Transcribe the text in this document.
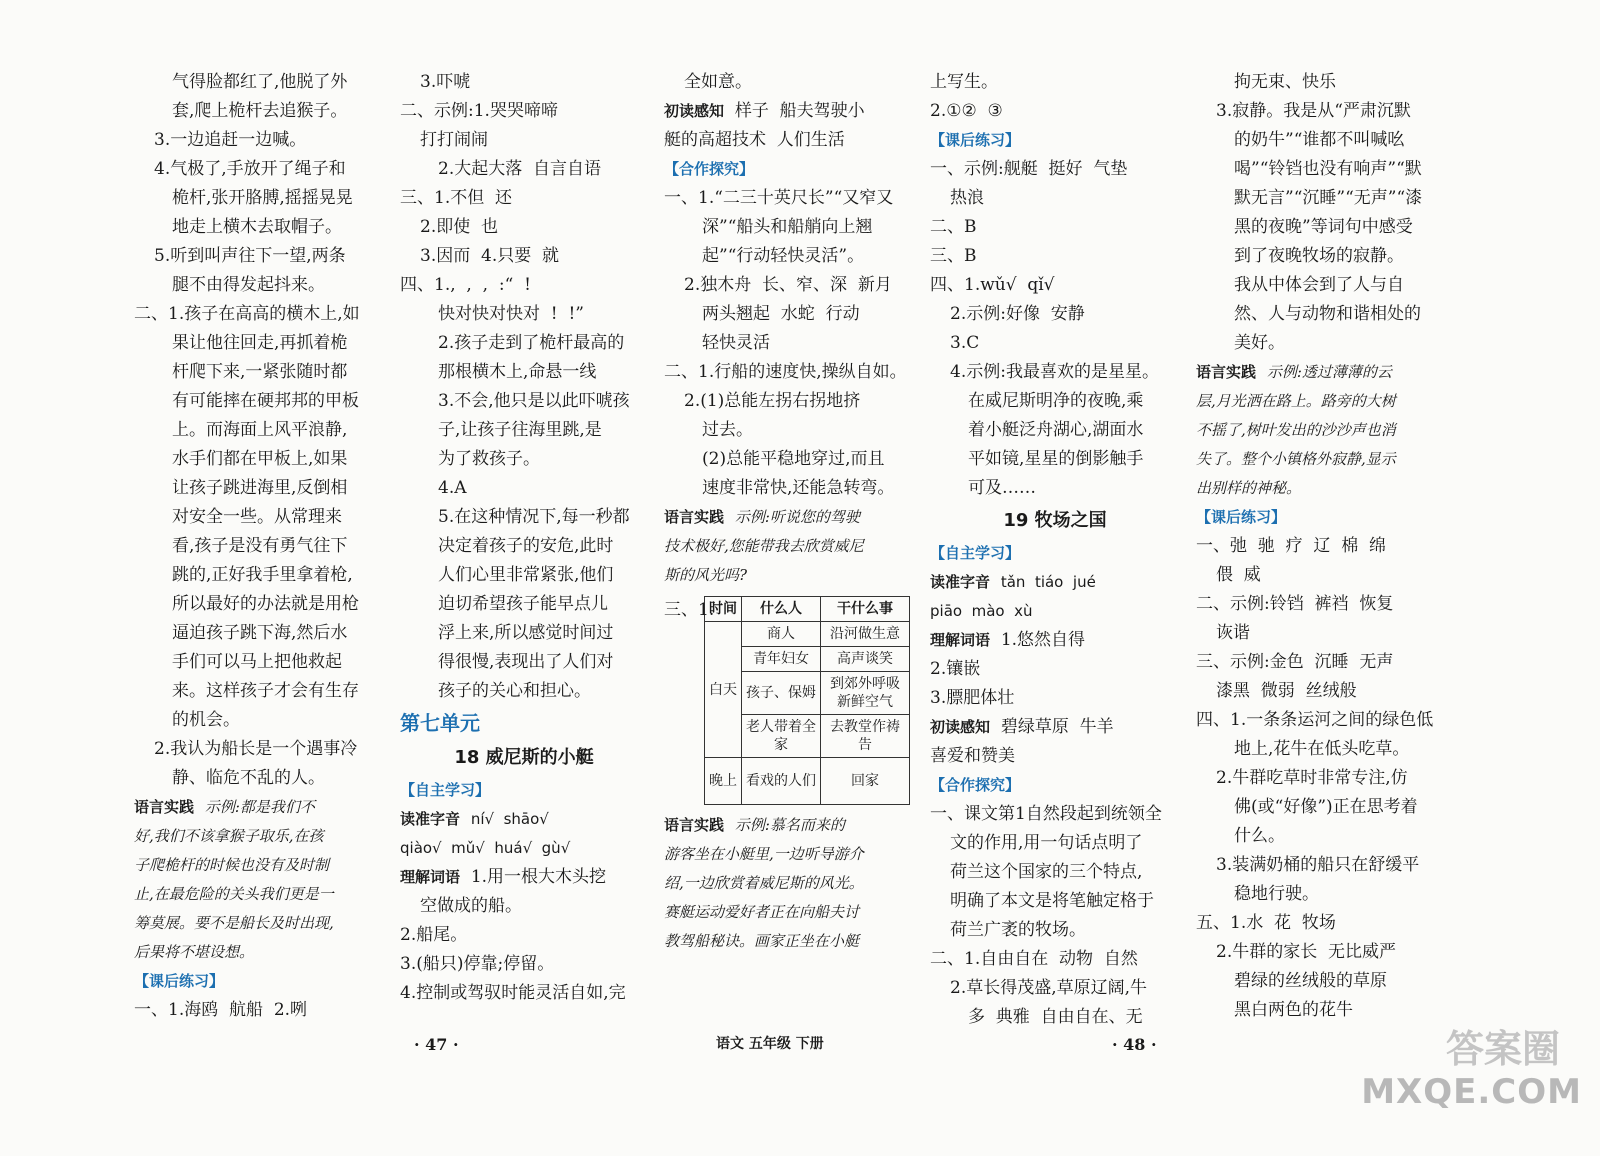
气得脸都红了,他脱了外
套,爬上桅杆去追猴子。
3.一边追赶一边喊。
4.气极了,手放开了绳子和
桅杆,张开胳膊,摇摇晃晃
地走上横木去取帽子。
5.听到叫声往下一望,两条
腿不由得发起抖来。
二、1.孩子在高高的横木上,如
果让他往回走,再抓着桅
杆爬下来,一紧张随时都
有可能摔在硬邦邦的甲板
上。而海面上风平浪静,
水手们都在甲板上,如果
让孩子跳进海里,反倒相
对安全一些。从常理来
看,孩子是没有勇气往下
跳的,正好我手里拿着枪,
所以最好的办法就是用枪
逼迫孩子跳下海,然后水
手们可以马上把他救起
来。这样孩子才会有生存
的机会。
2.我认为船长是一个遇事冷
静、临危不乱的人。
语言实践 示例:都是我们不
好,我们不该拿猴子取乐,在孩
子爬桅杆的时候也没有及时制
止,在最危险的关头我们更是一
筹莫展。要不是船长及时出现,
后果将不堪设想。
【课后练习】
一、1.海鸥  航船  2.咧
3.吓唬
二、示例:1.哭哭啼啼
打打闹闹
2.大起大落  自言自语
三、1.不但  还
2.即使  也
3.因而  4.只要  就
四、1.,  ,  ,  :“  !
快对快对快对  !  !”
2.孩子走到了桅杆最高的
那根横木上,命悬一线
3.不会,他只是以此吓唬孩
子,让孩子往海里跳,是
为了救孩子。
4.A
5.在这种情况下,每一秒都
决定着孩子的安危,此时
人们心里非常紧张,他们
迫切希望孩子能早点儿
浮上来,所以感觉时间过
得很慢,表现出了人们对
孩子的关心和担心。
第七单元
18 威尼斯的小艇
【自主学习】
读准字音 ní√  shāo√
qiào√  mǔ√  huá√  gù√
理解词语 1.用一根大木头挖
空做成的船。
2.船尾。
3.(船只)停靠;停留。
4.控制或驾驭时能灵活自如,完
全如意。
初读感知 样子  船夫驾驶小
艇的高超技术  人们生活
【合作探究】
一、1.“二三十英尺长”“又窄又
深”“船头和船艄向上翘
起”“行动轻快灵活”。
2.独木舟  长、窄、深  新月
两头翘起  水蛇  行动
轻快灵活
二、1.行船的速度快,操纵自如。
2.(1)总能左拐右拐地挤
过去。
(2)总能平稳地穿过,而且
速度非常快,还能急转弯。
语言实践 示例:听说您的驾驶
技术极好,您能带我去欣赏威尼
斯的风光吗?
三、1.
时间	什么人	干什么事
白天	商人	沿河做生意
	青年妇女	高声谈笑
	孩子、保姆	到郊外呼吸新鲜空气
	老人带着全家	去教堂作祷告
晚上	看戏的人们	回家
语言实践 示例:慕名而来的
游客坐在小艇里,一边听导游介
绍,一边欣赏着威尼斯的风光。
赛艇运动爱好者正在向船夫讨
教驾船秘诀。画家正坐在小艇
上写生。
2.①②  ③
【课后练习】
一、示例:舰艇  挺好  气垫
热浪
二、B
三、B
四、1.wǔ√  qǐ√
2.示例:好像  安静
3.C
4.示例:我最喜欢的是星星。
在威尼斯明净的夜晚,乘
着小艇泛舟湖心,湖面水
平如镜,星星的倒影触手
可及……
19 牧场之国
【自主学习】
读准字音 tǎn  tiáo  jué
piāo  mào  xù
理解词语 1.悠然自得
2.镶嵌
3.膘肥体壮
初读感知 碧绿草原  牛羊
喜爱和赞美
【合作探究】
一、课文第1自然段起到统领全
文的作用,用一句话点明了
荷兰这个国家的三个特点,
明确了本文是将笔触定格于
荷兰广袤的牧场。
二、1.自由自在  动物  自然
2.草长得茂盛,草原辽阔,牛
多  典雅  自由自在、无
拘无束、快乐
3.寂静。我是从“严肃沉默
的奶牛”“谁都不叫喊吆
喝”“铃铛也没有响声”“默
默无言”“沉睡”“无声”“漆
黑的夜晚”等词句中感受
到了夜晚牧场的寂静。
我从中体会到了人与自
然、人与动物和谐相处的
美好。
语言实践 示例:透过薄薄的云
层,月光洒在路上。路旁的大树
不摇了,树叶发出的沙沙声也消
失了。整个小镇格外寂静,显示
出别样的神秘。
【课后练习】
一、弛  驰  疗  辽  棉  绵
偎  威
二、示例:铃铛  裤裆  恢复
诙谐
三、示例:金色  沉睡  无声
漆黑  微弱  丝绒般
四、1.一条条运河之间的绿色低
地上,花牛在低头吃草。
2.牛群吃草时非常专注,仿
佛(或“好像”)正在思考着
什么。
3.装满奶桶的船只在舒缓平
稳地行驶。
五、1.水  花  牧场
2.牛群的家长  无比威严
碧绿的丝绒般的草原
黑白两色的花牛
· 47 ·	语文 五年级 下册	· 48 ·	答案圈
MXQE.COM
